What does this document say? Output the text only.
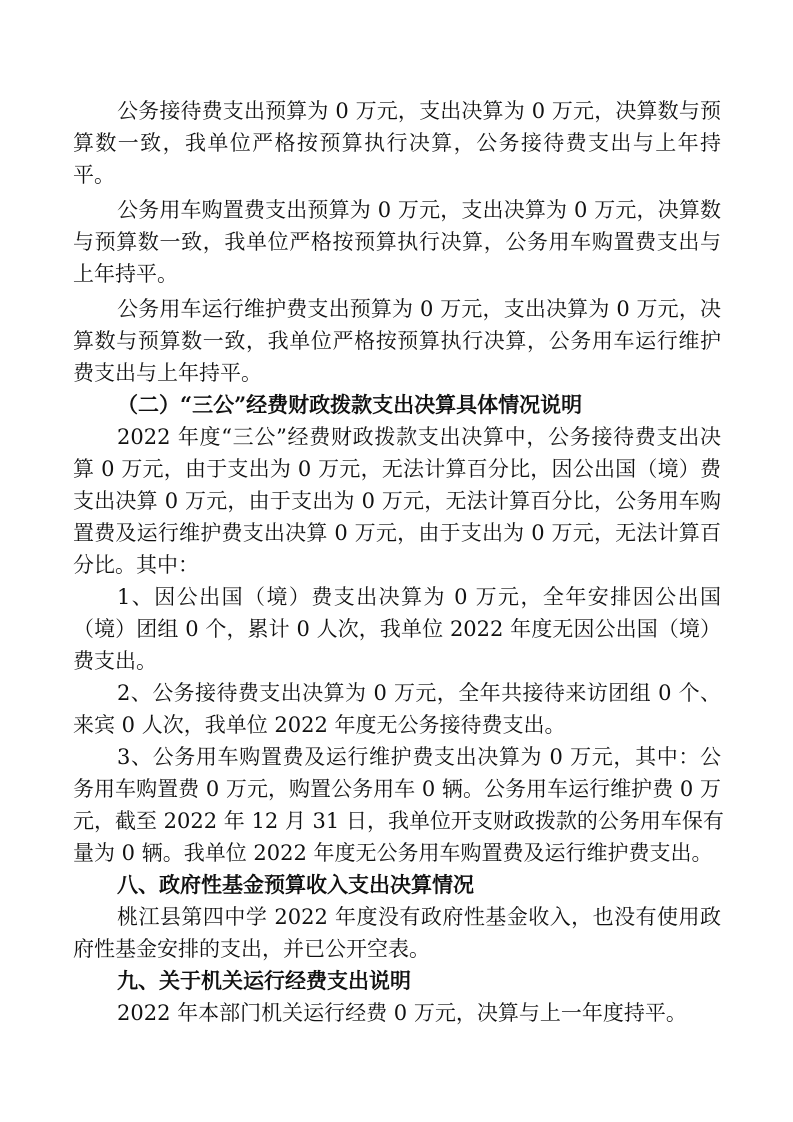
公务接待费支出预算为 0 万元，支出决算为 0 万元，决算数与预
算数一致，我单位严格按预算执行决算，公务接待费支出与上年持
平。
公务用车购置费支出预算为 0 万元，支出决算为 0 万元，决算数
与预算数一致，我单位严格按预算执行决算，公务用车购置费支出与
上年持平。
公务用车运行维护费支出预算为 0 万元，支出决算为 0 万元，决
算数与预算数一致，我单位严格按预算执行决算，公务用车运行维护
费支出与上年持平。
（二）“三公”经费财政拨款支出决算具体情况说明
2022 年度“三公”经费财政拨款支出决算中，公务接待费支出决
算 0 万元，由于支出为 0 万元，无法计算百分比，因公出国（境）费
支出决算 0 万元，由于支出为 0 万元，无法计算百分比，公务用车购
置费及运行维护费支出决算 0 万元，由于支出为 0 万元，无法计算百
分比。其中：
1、因公出国（境）费支出决算为 0 万元，全年安排因公出国
（境）团组 0 个，累计 0 人次，我单位 2022 年度无因公出国（境）
费支出。
2、公务接待费支出决算为 0 万元，全年共接待来访团组 0 个、
来宾 0 人次，我单位 2022 年度无公务接待费支出。
3、公务用车购置费及运行维护费支出决算为 0 万元，其中：公
务用车购置费 0 万元，购置公务用车 0 辆。公务用车运行维护费 0 万
元，截至 2022 年 12 月 31 日，我单位开支财政拨款的公务用车保有
量为 0 辆。我单位 2022 年度无公务用车购置费及运行维护费支出。
八、政府性基金预算收入支出决算情况
桃江县第四中学 2022 年度没有政府性基金收入，也没有使用政
府性基金安排的支出，并已公开空表。
九、关于机关运行经费支出说明
2022 年本部门机关运行经费 0 万元，决算与上一年度持平。
